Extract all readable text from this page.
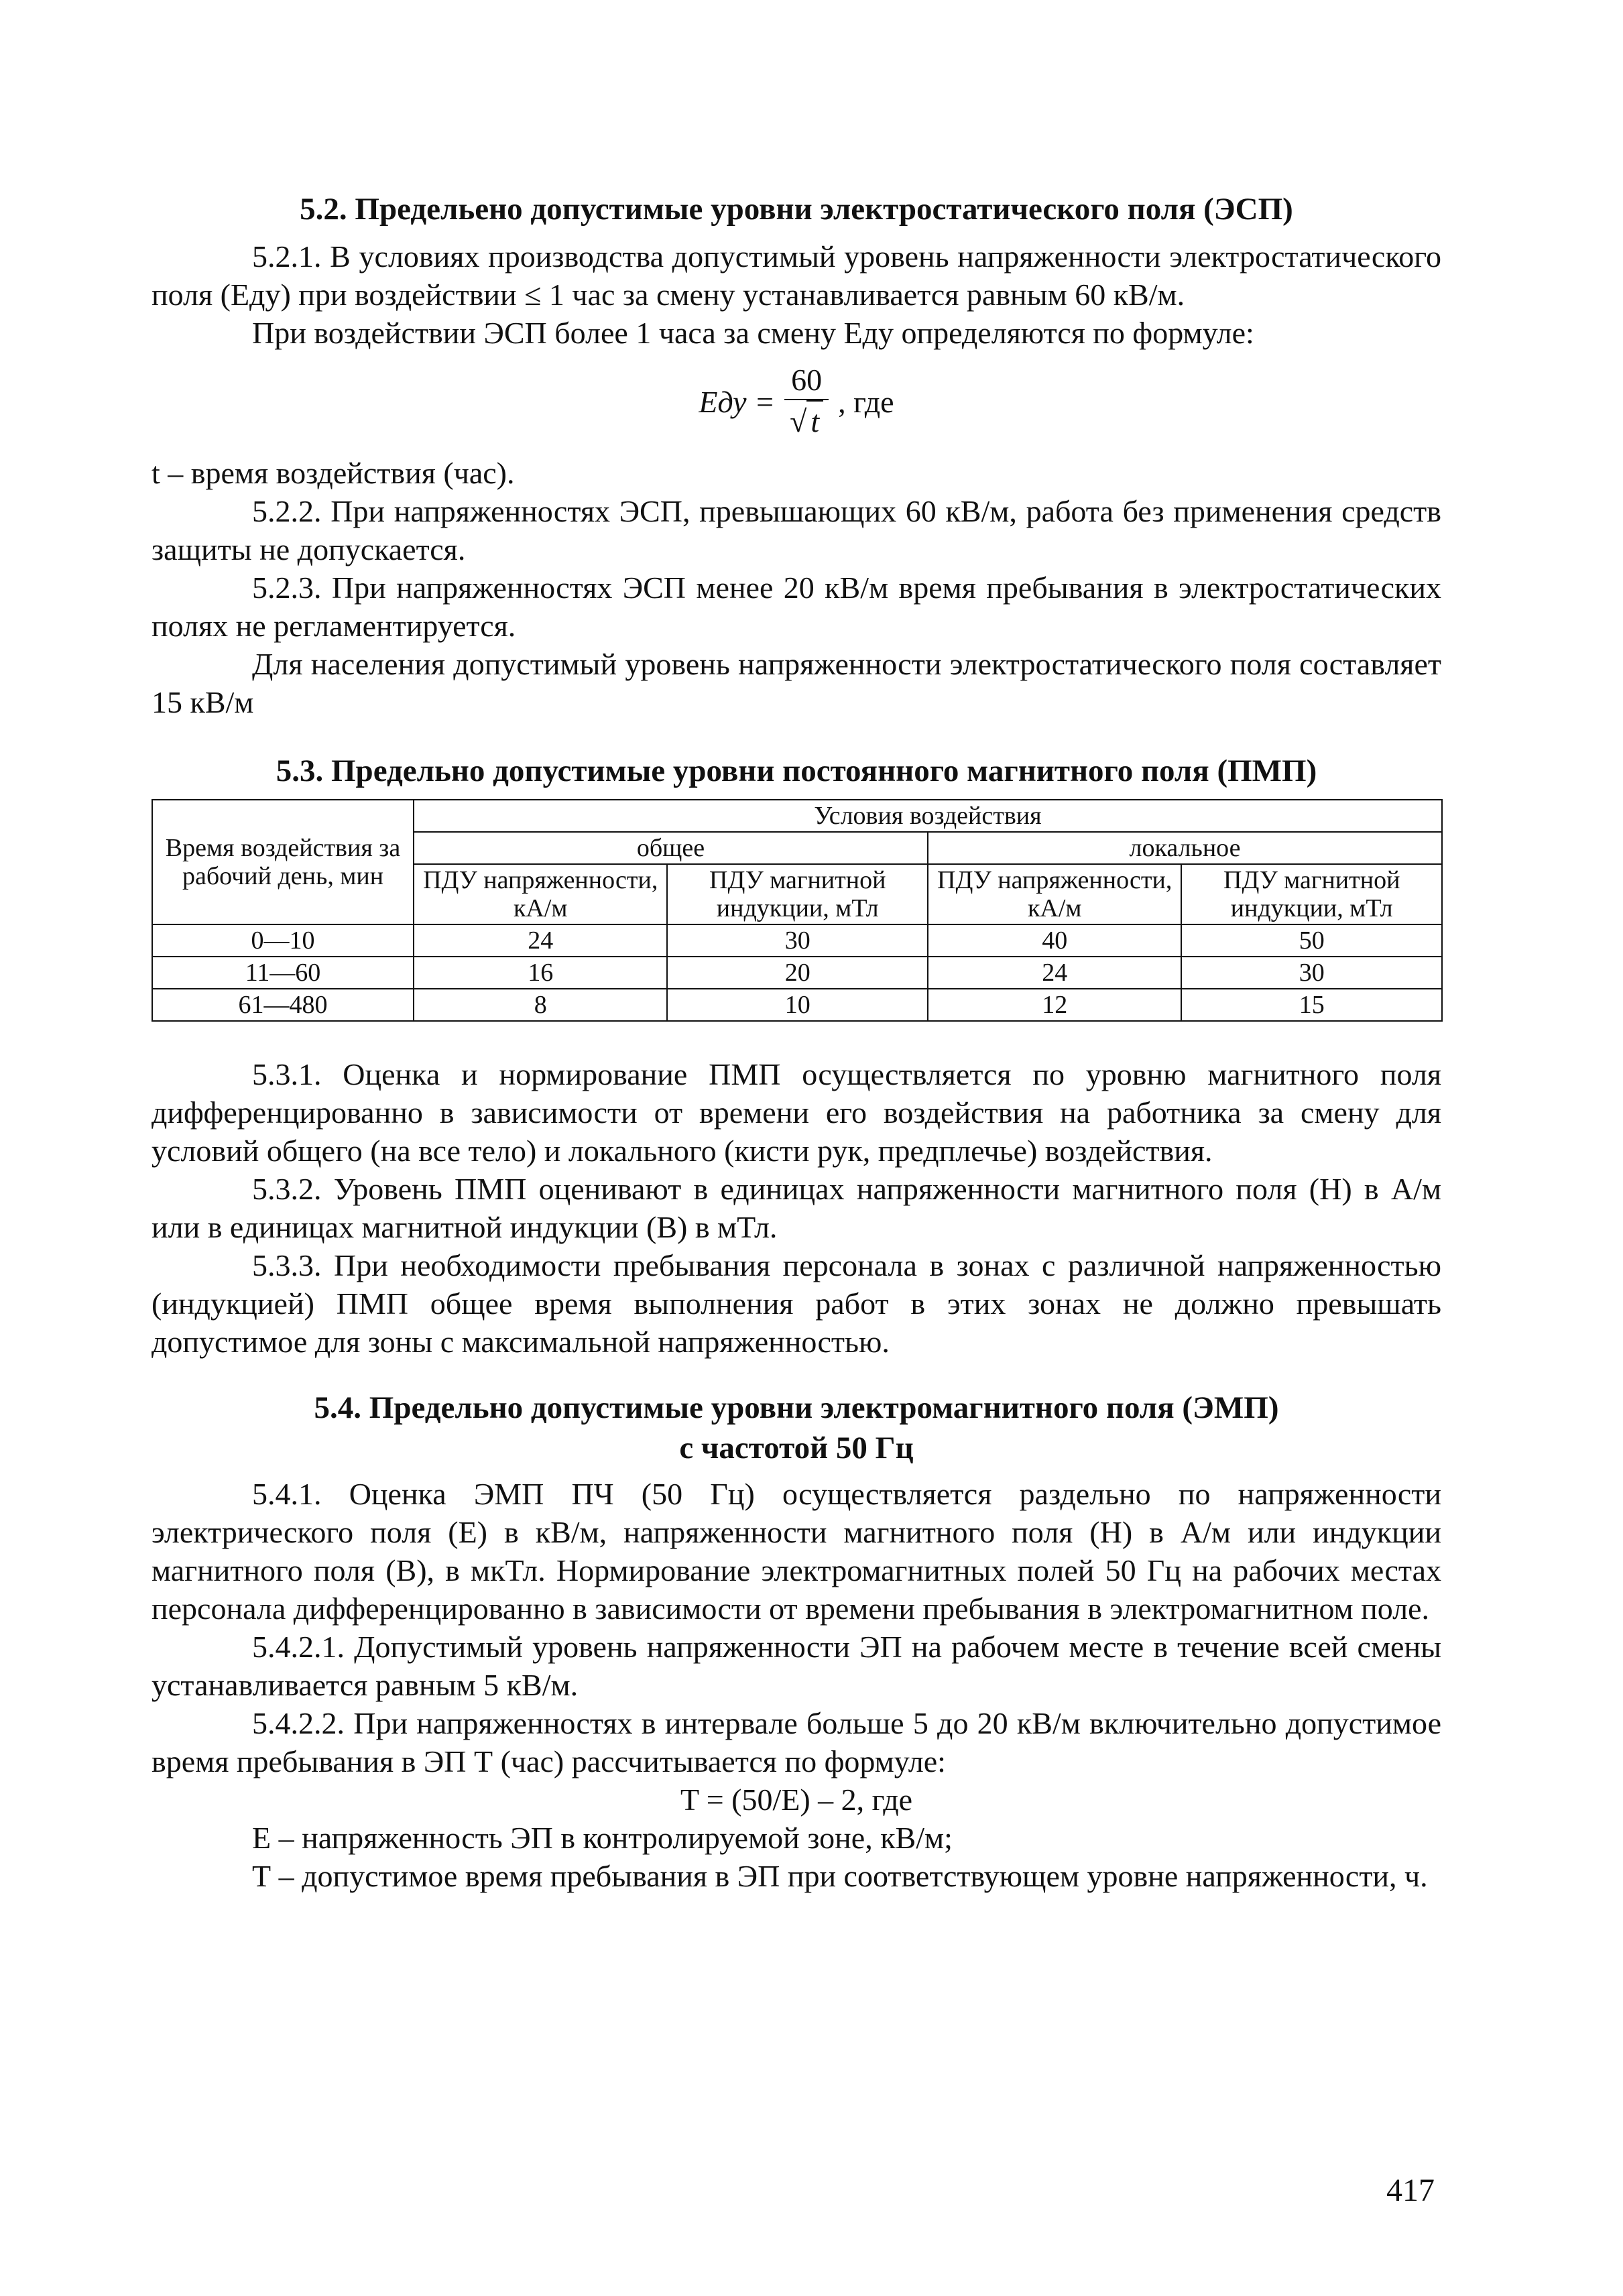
5.2. Предельено допустимые уровни электростатического поля (ЭСП)

5.2.1. В условиях производства допустимый уровень напряженности электростатического поля (Eду) при воздействии ≤ 1 час за смену устанавливается равным 60 кВ/м.

При воздействии ЭСП более 1 часа за смену Eду определяются по формуле:

Eду = $\frac{60}{√ t}$ , где

t – время воздействия (час).

5.2.2. При напряженностях ЭСП, превышающих 60 кВ/м, работа без применения средств защиты не допускается.

5.2.3. При напряженностях ЭСП менее 20 кВ/м время пребывания в электростатических полях не регламентируется.

Для населения допустимый уровень напряженности электростатического поля составляет 15 кВ/м

5.3. Предельно допустимые уровни постоянного магнитного поля (ПМП)
Время воздействия за рабочий день, мин	Условия воздействия			
	общее		локальное	
	ПДУ напряженности, кА/м	ПДУ магнитной индукции, мТл	ПДУ напряженности, кА/м	ПДУ магнитной индукции, мТл
0—10	24	30	40	50
11—60	16	20	24	30
61—480	8	10	12	15

5.3.1. Оценка и нормирование ПМП осуществляется по уровню магнитного поля дифференцированно в зависимости от времени его воздействия на работника за смену для условий общего (на все тело) и локального (кисти рук, предплечье) воздействия.

5.3.2. Уровень ПМП оценивают в единицах напряженности магнитного поля (Н) в А/м или в единицах магнитной индукции (В) в мТл.

5.3.3. При необходимости пребывания персонала в зонах с различной напряженностью (индукцией) ПМП общее время выполнения работ в этих зонах не должно превышать допустимое для зоны с максимальной напряженностью.

5.4. Предельно допустимые уровни электромагнитного поля (ЭМП)
с частотой 50 Гц

5.4.1. Оценка ЭМП ПЧ (50 Гц) осуществляется раздельно по напряженности электрического поля (Е) в кВ/м, напряженности магнитного поля (Н) в А/м или индукции магнитного поля (В), в мкТл. Нормирование электромагнитных полей 50 Гц на рабочих местах персонала дифференцированно в зависимости от времени пребывания в электромагнитном поле.

5.4.2.1. Допустимый уровень напряженности ЭП на рабочем месте в течение всей смены устанавливается равным 5 кВ/м.

5.4.2.2. При напряженностях в интервале больше 5 до 20 кВ/м включительно допустимое время пребывания в ЭП Т (час) рассчитывается по формуле:

T = (50/E) – 2, где

Е – напряженность ЭП в контролируемой зоне, кВ/м;

Т – допустимое время пребывания в ЭП при соответствующем уровне напряженности, ч.

417
